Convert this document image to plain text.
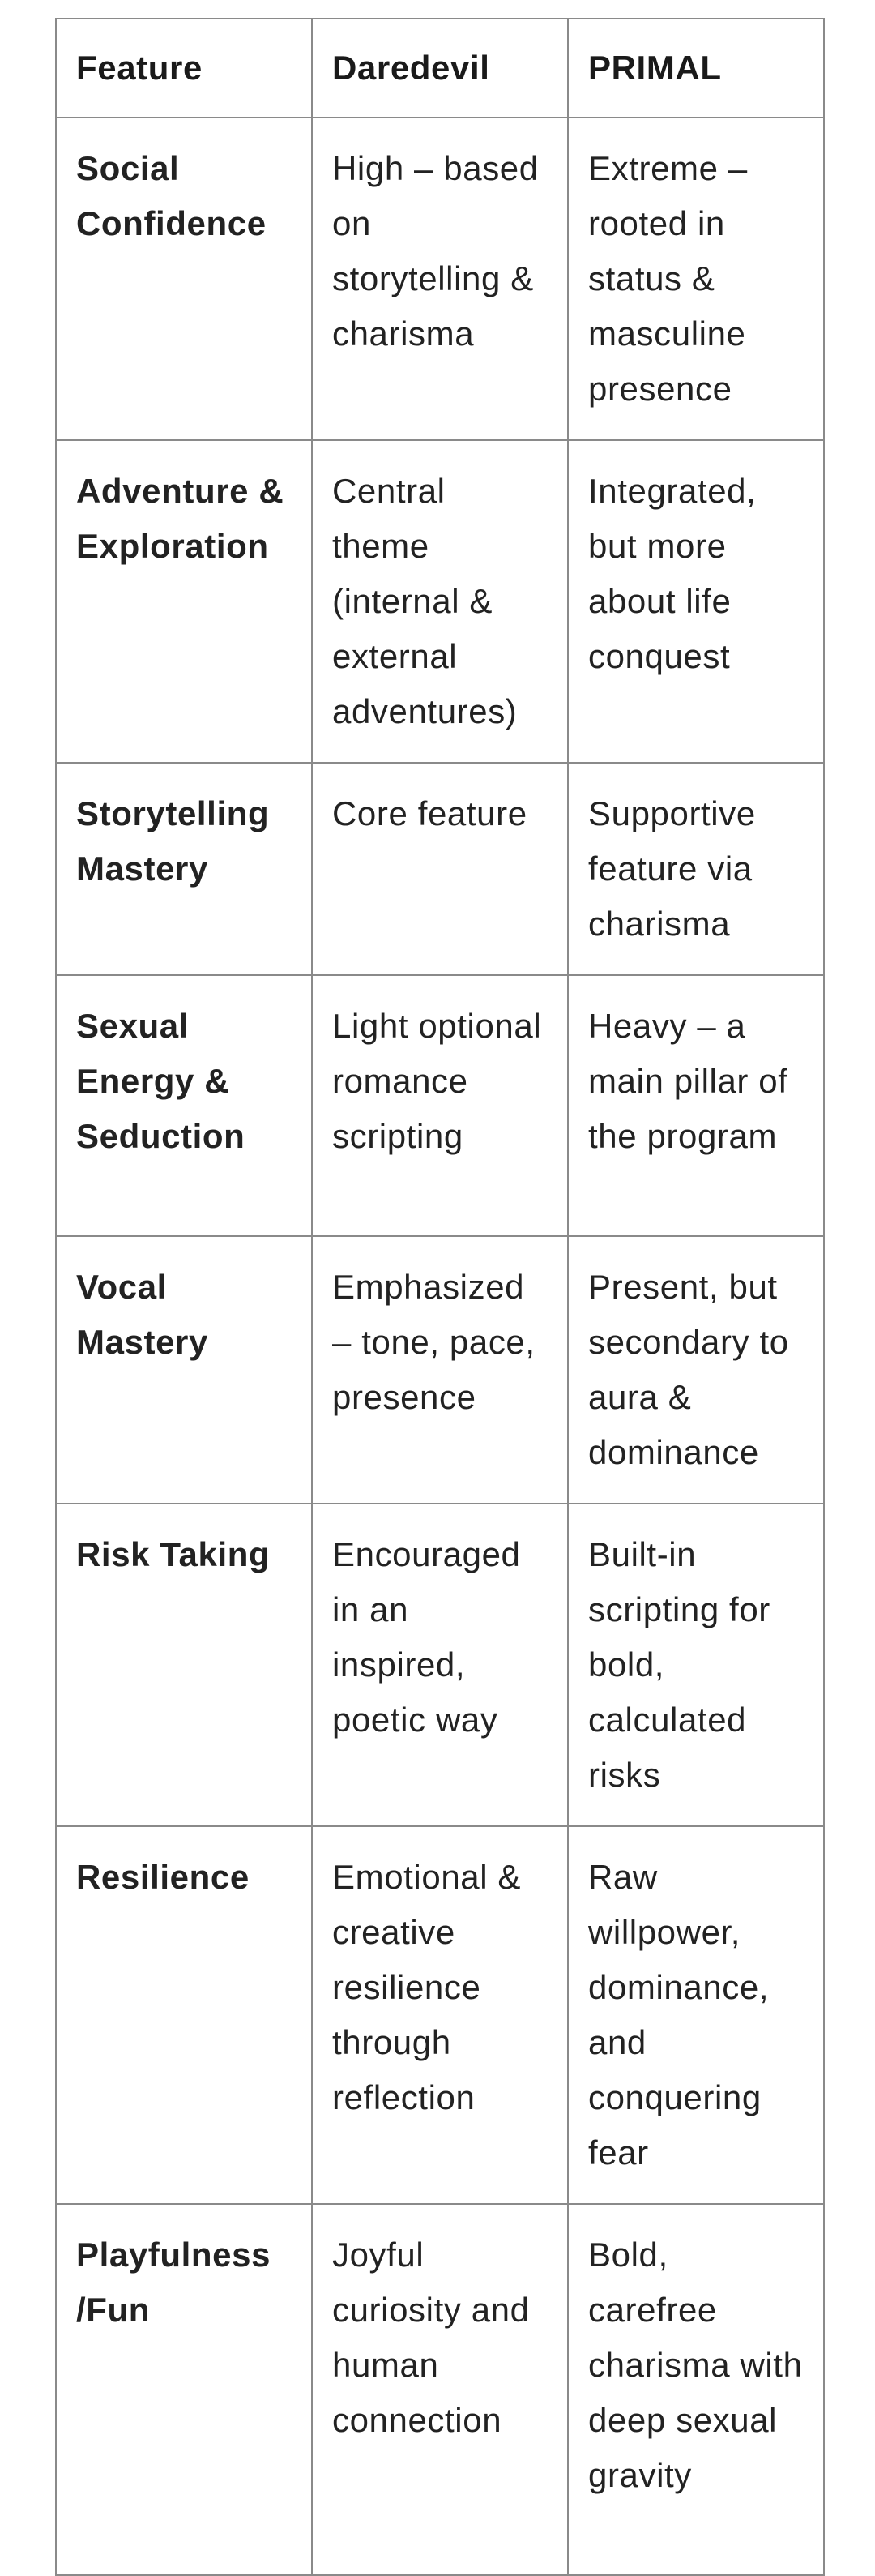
Feature	Daredevil	PRIMAL
Social Confidence	High – based on storytelling & charisma	Extreme – rooted in status & masculine presence
Adventure & Exploration	Central theme (internal & external adventures)	Integrated, but more about life conquest
Storytelling Mastery	Core feature	Supportive feature via charisma
Sexual Energy & Seduction	Light optional romance scripting	Heavy – a main pillar of the program
Vocal Mastery	Emphasized – tone, pace, presence	Present, but secondary to aura & dominance
Risk Taking	Encouraged in an inspired, poetic way	Built-in scripting for bold, calculated risks
Resilience	Emotional & creative resilience through reflection	Raw willpower, dominance, and conquering fear
Playfulness /Fun	Joyful curiosity and human connection	Bold, carefree charisma with deep sexual gravity
